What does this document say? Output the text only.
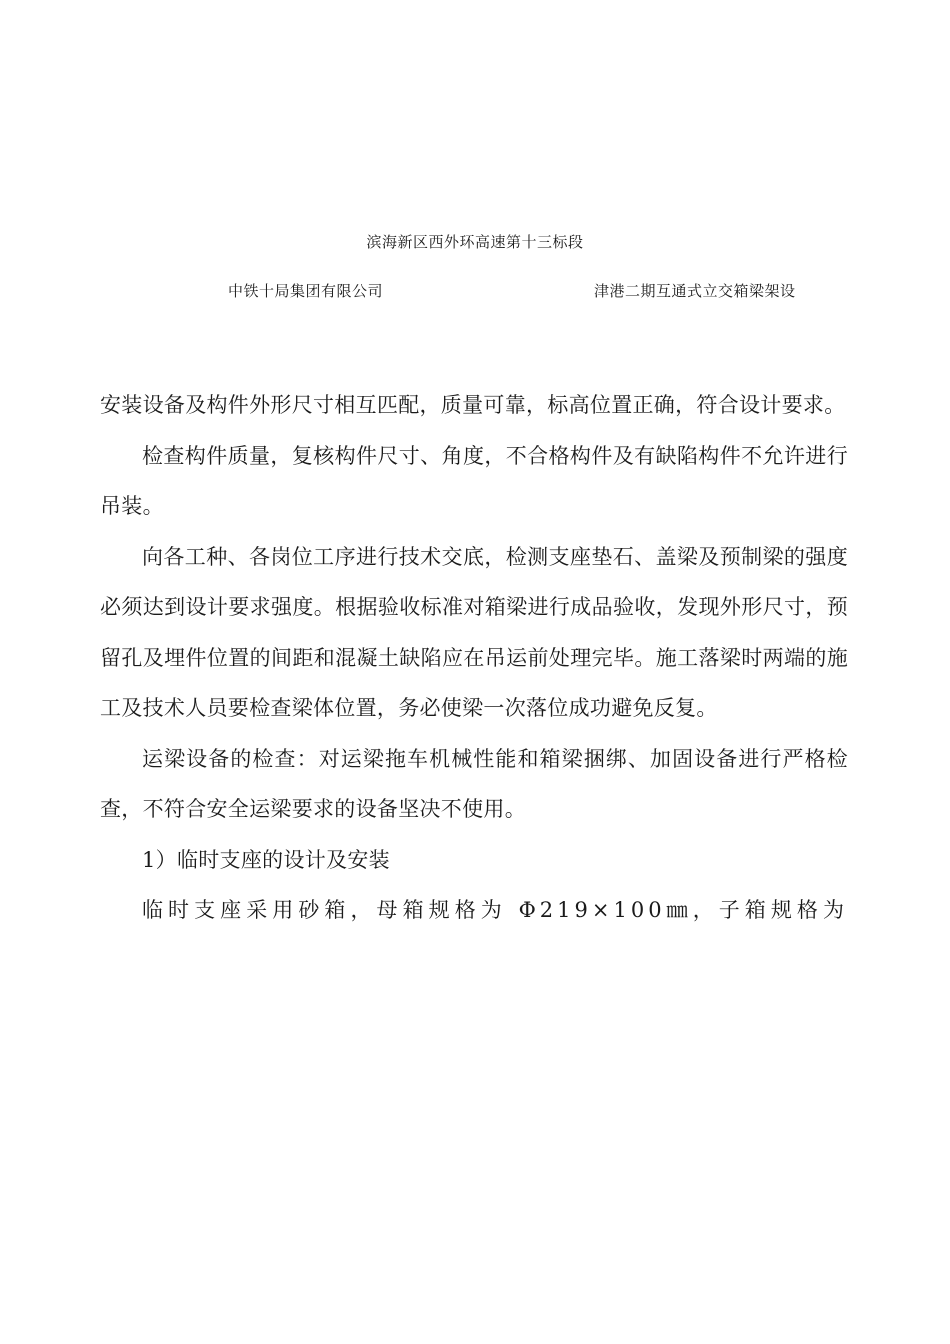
滨海新区西外环高速第十三标段
中铁十局集团有限公司	津港二期互通式立交箱梁架设

安装设备及构件外形尺寸相互匹配，质量可靠，标高位置正确，符合设计要求。

检查构件质量，复核构件尺寸、角度，不合格构件及有缺陷构件不允许进行吊装。

向各工种、各岗位工序进行技术交底，检测支座垫石、盖梁及预制梁的强度必须达到设计要求强度。根据验收标准对箱梁进行成品验收，发现外形尺寸，预留孔及埋件位置的间距和混凝土缺陷应在吊运前处理完毕。施工落梁时两端的施工及技术人员要检查梁体位置，务必使梁一次落位成功避免反复。

运梁设备的检查：对运梁拖车机械性能和箱梁捆绑、加固设备进行严格检查，不符合安全运梁要求的设备坚决不使用。

1）临时支座的设计及安装

临时支座采用砂箱，母箱规格为 Φ219×100㎜，子箱规格为
